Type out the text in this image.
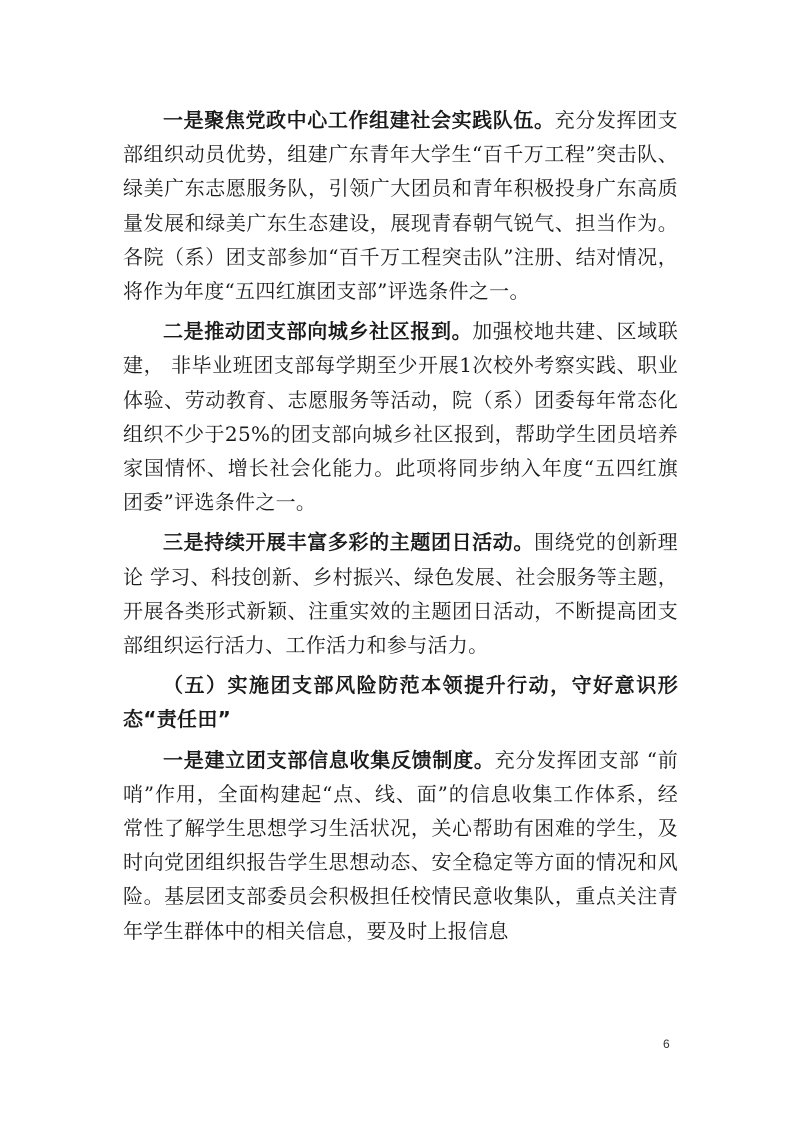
一是聚焦党政中心工作组建社会实践队伍。充分发挥团支部组织动员优势，组建广东青年大学生“百千万工程”突击队、绿美广东志愿服务队，引领广大团员和青年积极投身广东高质量发展和绿美广东生态建设，展现青春朝气锐气、担当作为。各院（系）团支部参加“百千万工程突击队”注册、结对情况，将作为年度“五四红旗团支部”评选条件之一。

二是推动团支部向城乡社区报到。加强校地共建、区域联建， 非毕业班团支部每学期至少开展1次校外考察实践、职业体验、劳动教育、志愿服务等活动，院（系）团委每年常态化组织不少于25%的团支部向城乡社区报到，帮助学生团员培养家国情怀、增长社会化能力。此项将同步纳入年度“五四红旗团委”评选条件之一。

三是持续开展丰富多彩的主题团日活动。围绕党的创新理论 学习、科技创新、乡村振兴、绿色发展、社会服务等主题，开展各类形式新颖、注重实效的主题团日活动，不断提高团支部组织运行活力、工作活力和参与活力。

（五）实施团支部风险防范本领提升行动，守好意识形态“责任田”

一是建立团支部信息收集反馈制度。充分发挥团支部 “前哨”作用，全面构建起“点、线、面”的信息收集工作体系，经常性了解学生思想学习生活状况，关心帮助有困难的学生，及时向党团组织报告学生思想动态、安全稳定等方面的情况和风险。基层团支部委员会积极担任校情民意收集队，重点关注青年学生群体中的相关信息，要及时上报信息

6
